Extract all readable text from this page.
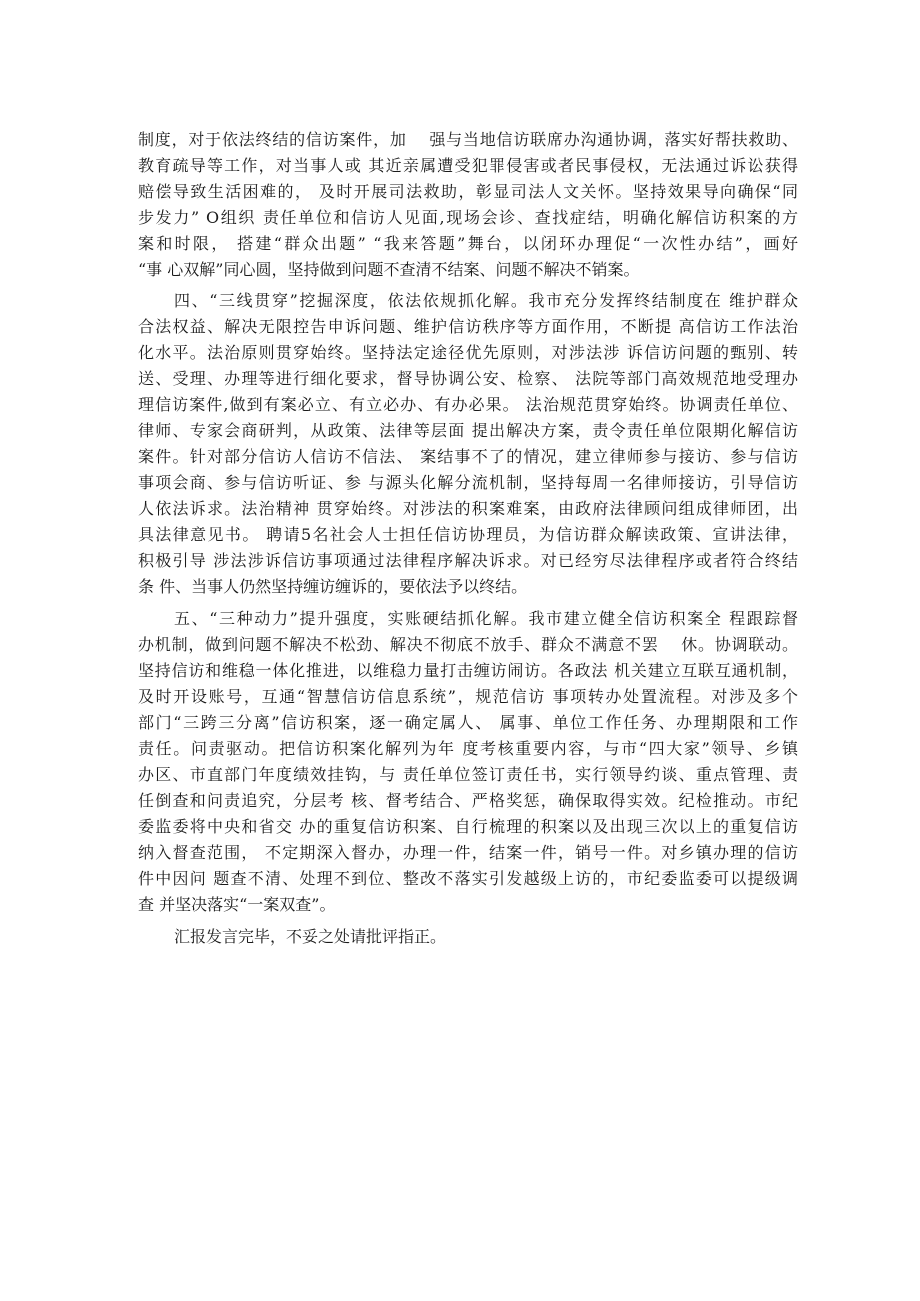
制度，对于依法终结的信访案件，加　 强与当地信访联席办沟通协调，落实好帮扶救助、
教育疏导等工作，对当事人或 其近亲属遭受犯罪侵害或者民事侵权，无法通过诉讼获得
赔偿导致生活困难的， 及时开展司法救助，彰显司法人文关怀。坚持效果导向确保“同
步发力” O组织 责任单位和信访人见面,现场会诊、查找症结，明确化解信访积案的方
案和时限， 搭建“群众出题” “我来答题”舞台，以闭环办理促“一次性办结”，画好
“事 心双解”同心圆，坚持做到问题不查清不结案、问题不解决不销案。
四、“三线贯穿”挖掘深度，依法依规抓化解。我市充分发挥终结制度在 维护群众
合法权益、解决无限控告申诉问题、维护信访秩序等方面作用，不断提 高信访工作法治
化水平。法治原则贯穿始终。坚持法定途径优先原则，对涉法涉 诉信访问题的甄别、转
送、受理、办理等进行细化要求，督导协调公安、检察、 法院等部门高效规范地受理办
理信访案件,做到有案必立、有立必办、有办必果。 法治规范贯穿始终。协调责任单位、
律师、专家会商研判，从政策、法律等层面 提出解决方案，责令责任单位限期化解信访
案件。针对部分信访人信访不信法、 案结事不了的情况，建立律师参与接访、参与信访
事项会商、参与信访听证、参 与源头化解分流机制，坚持每周一名律师接访，引导信访
人依法诉求。法治精神 贯穿始终。对涉法的积案难案，由政府法律顾问组成律师团，出
具法律意见书。 聘请5名社会人士担任信访协理员，为信访群众解读政策、宣讲法律，
积极引导 涉法涉诉信访事项通过法律程序解决诉求。对已经穷尽法律程序或者符合终结
条 件、当事人仍然坚持缠访缠诉的，要依法予以终结。
五、“三种动力”提升强度，实账硬结抓化解。我市建立健全信访积案全 程跟踪督
办机制，做到问题不解决不松劲、解决不彻底不放手、群众不满意不罢　 休。协调联动。
坚持信访和维稳一体化推进，以维稳力量打击缠访闹访。各政法 机关建立互联互通机制，
及时开设账号，互通“智慧信访信息系统”，规范信访 事项转办处置流程。对涉及多个
部门“三跨三分离”信访积案，逐一确定属人、 属事、单位工作任务、办理期限和工作
责任。问责驱动。把信访积案化解列为年 度考核重要内容，与市“四大家”领导、乡镇
办区、市直部门年度绩效挂钩，与 责任单位签订责任书，实行领导约谈、重点管理、责
任倒查和问责追究，分层考 核、督考结合、严格奖惩，确保取得实效。纪检推动。市纪
委监委将中央和省交 办的重复信访积案、自行梳理的积案以及出现三次以上的重复信访
纳入督查范围， 不定期深入督办，办理一件，结案一件，销号一件。对乡镇办理的信访
件中因问 题查不清、处理不到位、整改不落实引发越级上访的，市纪委监委可以提级调
查 并坚决落实“一案双查”。
汇报发言完毕，不妥之处请批评指正。
